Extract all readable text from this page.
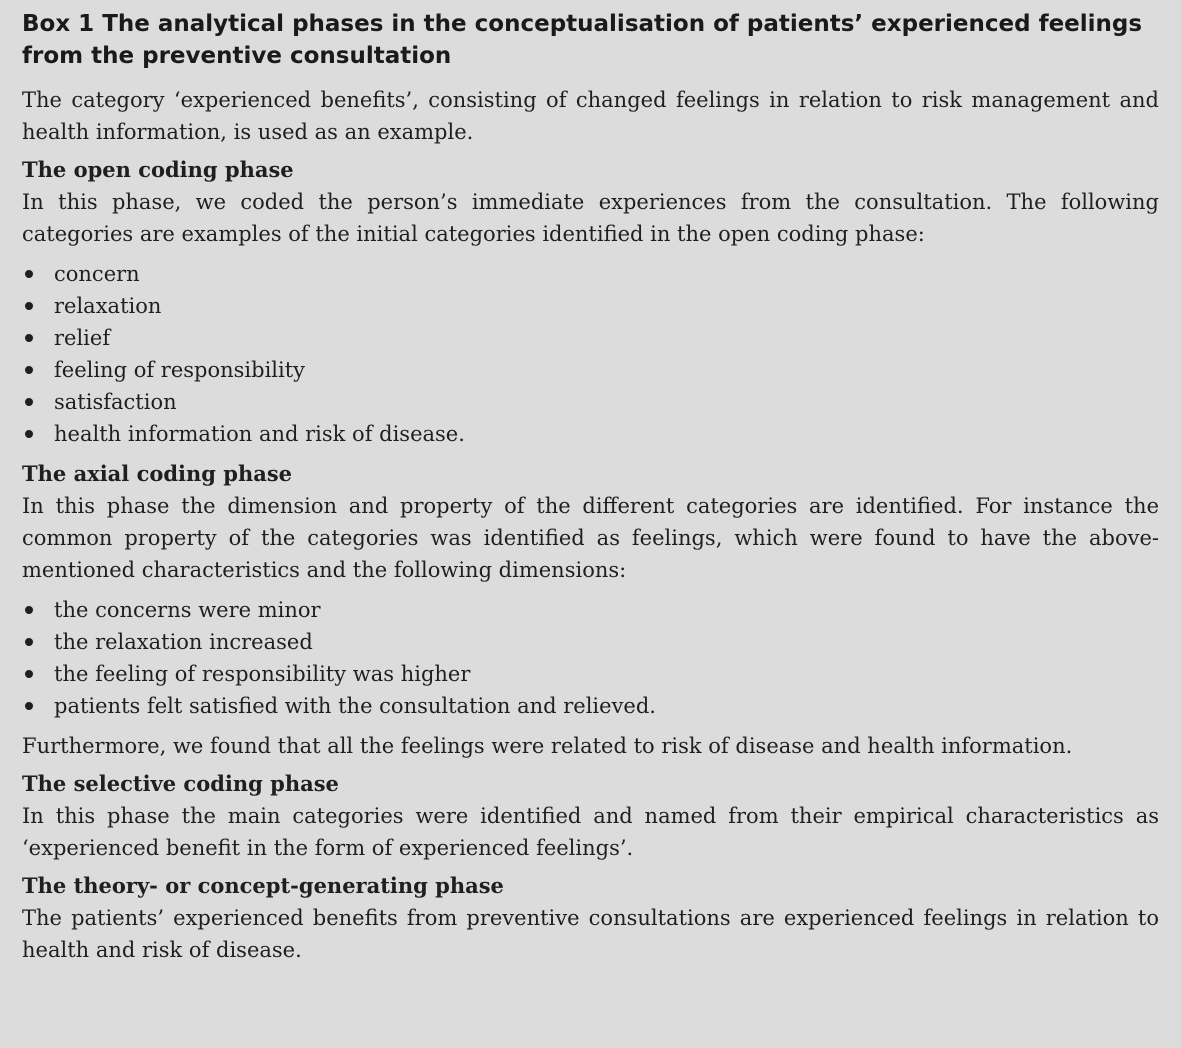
Box 1 The analytical phases in the conceptualisation of patients’ experienced feelings from the preventive consultation

The category ‘experienced benefits’, consisting of changed feelings in relation to risk management and health information, is used as an example.

The open coding phase

In this phase, we coded the person’s immediate experiences from the consultation. The following categories are examples of the initial categories identified in the open coding phase:

concern
relaxation
relief
feeling of responsibility
satisfaction
health information and risk of disease.
The axial coding phase

In this phase the dimension and property of the different categories are identified. For instance the common property of the categories was identified as feelings, which were found to have the above-mentioned characteristics and the following dimensions:

the concerns were minor
the relaxation increased
the feeling of responsibility was higher
patients felt satisfied with the consultation and relieved.

Furthermore, we found that all the feelings were related to risk of disease and health information.

The selective coding phase

In this phase the main categories were identified and named from their empirical characteristics as ‘experienced benefit in the form of experienced feelings’.

The theory- or concept-generating phase

The patients’ experienced benefits from preventive consultations are experienced feelings in relation to health and risk of disease.
